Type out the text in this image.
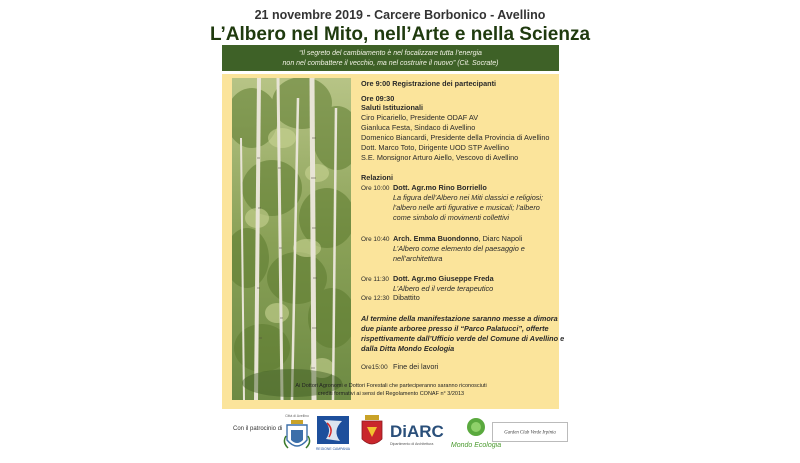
21 novembre 2019 - Carcere Borbonico - Avellino
L’Albero nel Mito, nell’Arte e nella Scienza
“Il segreto del cambiamento è nel focalizzare tutta l’energia
non nel combattere il vecchio, ma nel costruire il nuovo” (Cit. Socrate)
Ore 9:00 Registrazione dei partecipanti
Ore 09:30
Saluti Istituzionali
Ciro Picariello, Presidente ODAF AV
Gianluca Festa, Sindaco di Avellino
Domenico Biancardi, Presidente della Provincia di Avellino
Dott. Marco Toto, Dirigente UOD STP Avellino
S.E. Monsignor Arturo Aiello, Vescovo di Avellino
Relazioni
Ore 10:00 Dott. Agr.mo Rino Borriello
La figura dell’Albero nei Miti classici e religiosi;
l’albero nelle arti figurative e musicali; l’albero
come simbolo di movimenti collettivi
Ore 10:40 Arch. Emma Buondonno, Diarc Napoli
L’Albero come elemento del paesaggio e
nell’architettura
Ore 11:30 Dott. Agr.mo Giuseppe Freda
L’Albero ed il verde terapeutico
Ore 12:30 Dibattito
Al termine della manifestazione saranno messe a dimora
due piante arboree presso il “Parco Palatucci”, offerte
rispettivamente dall’Ufficio verde del Comune di Avellino e
dalla Ditta Mondo Ecologia
Ore15:00 Fine dei lavori
Ai Dottori Agronomi e Dottori Forestali che parteciperanno saranno riconosciuti
crediti formativi ai sensi del Regolamento CONAF n° 3/2013
Con il patrocinio di
Città di Avellino
REGIONE CAMPANIA
DiARC
Dipartimento di Architettura	Mondo Ecologia
Garden Club Verde Irpinia
